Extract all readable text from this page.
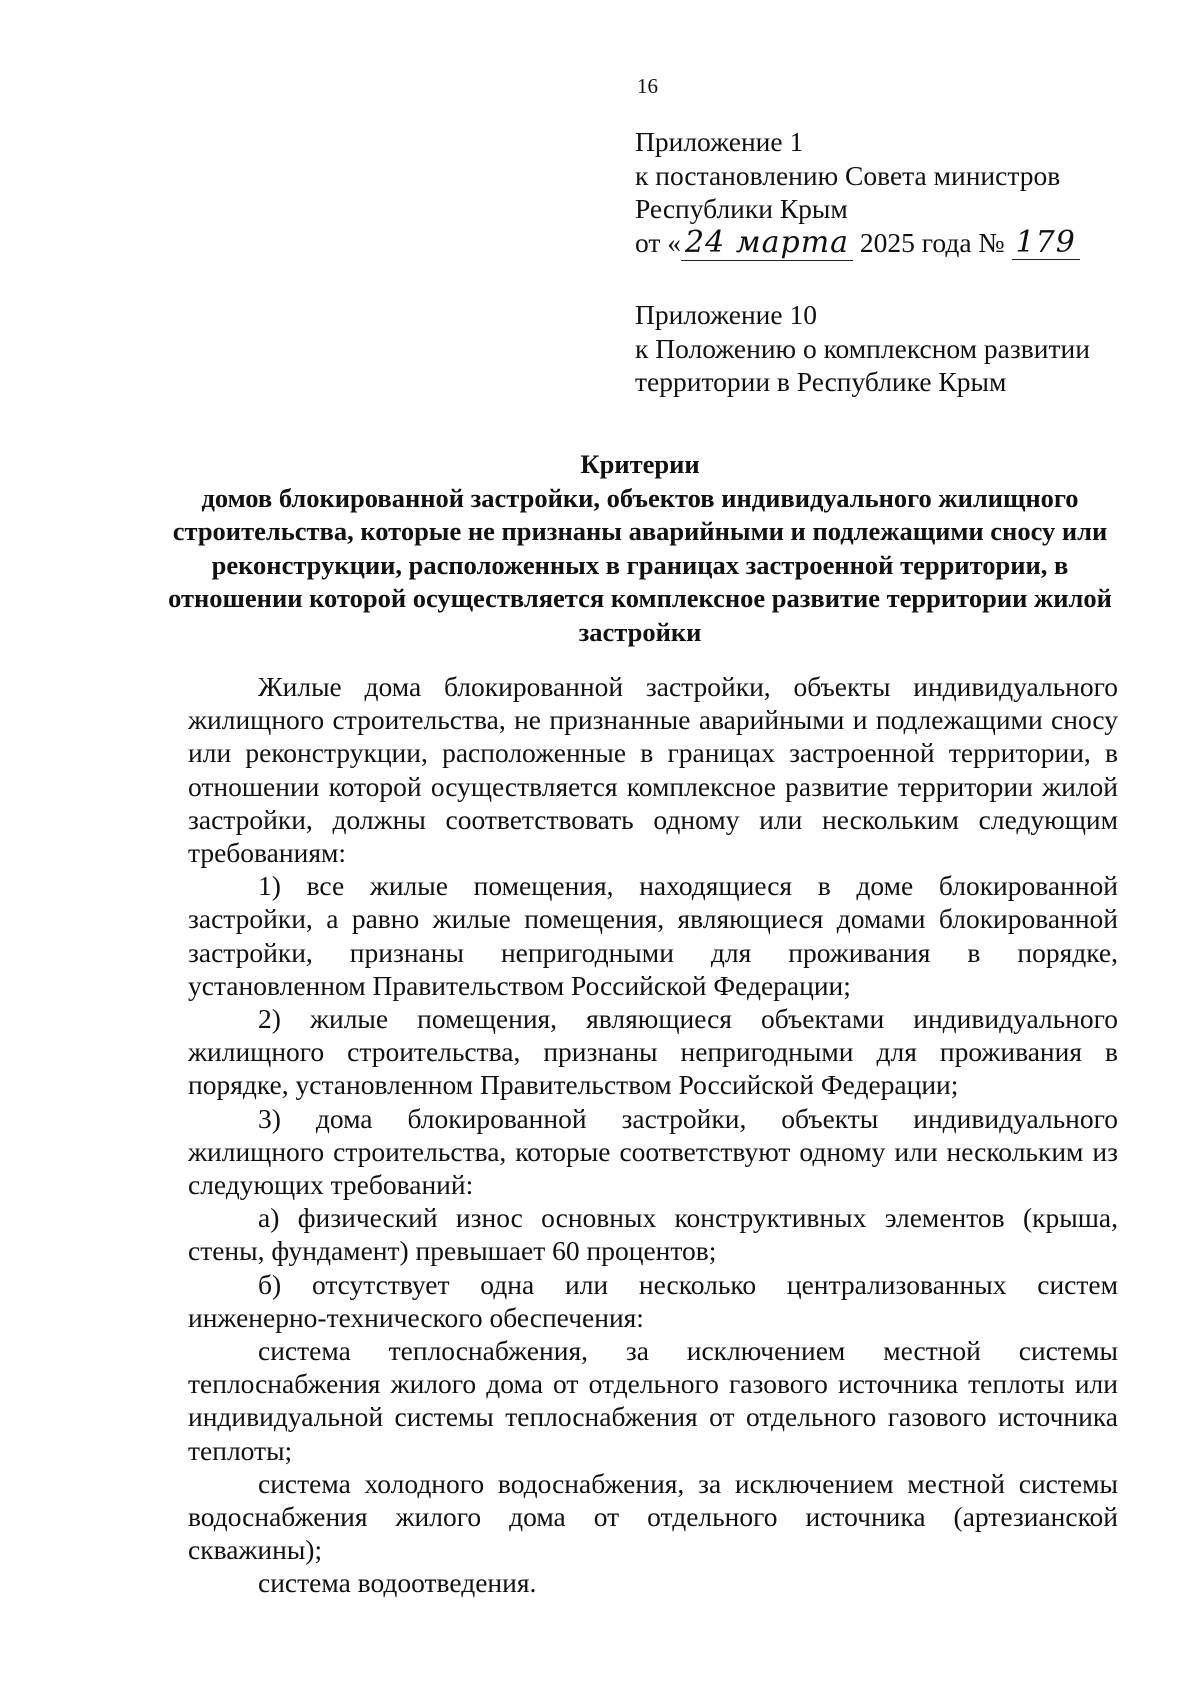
16
Приложение 1
к постановлению Совета министров
Республики Крым
от « 24 марта 2025 года № 179
Приложение 10
к Положению о комплексном развитии
территории в Республике Крым
Критерии
домов блокированной застройки, объектов индивидуального жилищного строительства, которые не признаны аварийными и подлежащими сносу или реконструкции, расположенных в границах застроенной территории, в отношении которой осуществляется комплексное развитие территории жилой застройки

Жилые дома блокированной застройки, объекты индивидуального жилищного строительства, не признанные аварийными и подлежащими сносу или реконструкции, расположенные в границах застроенной территории, в отношении которой осуществляется комплексное развитие территории жилой застройки, должны соответствовать одному или нескольким следующим требованиям:

1) все жилые помещения, находящиеся в доме блокированной застройки, а равно жилые помещения, являющиеся домами блокированной застройки, признаны непригодными для проживания в порядке, установленном Правительством Российской Федерации;

2) жилые помещения, являющиеся объектами индивидуального жилищного строительства, признаны непригодными для проживания в порядке, установленном Правительством Российской Федерации;

3) дома блокированной застройки, объекты индивидуального жилищного строительства, которые соответствуют одному или нескольким из следующих требований:

а) физический износ основных конструктивных элементов (крыша, стены, фундамент) превышает 60 процентов;

б) отсутствует одна или несколько централизованных систем инженерно-технического обеспечения:

система теплоснабжения, за исключением местной системы теплоснабжения жилого дома от отдельного газового источника теплоты или индивидуальной системы теплоснабжения от отдельного газового источника теплоты;

система холодного водоснабжения, за исключением местной системы водоснабжения жилого дома от отдельного источника (артезианской скважины);

система водоотведения.
